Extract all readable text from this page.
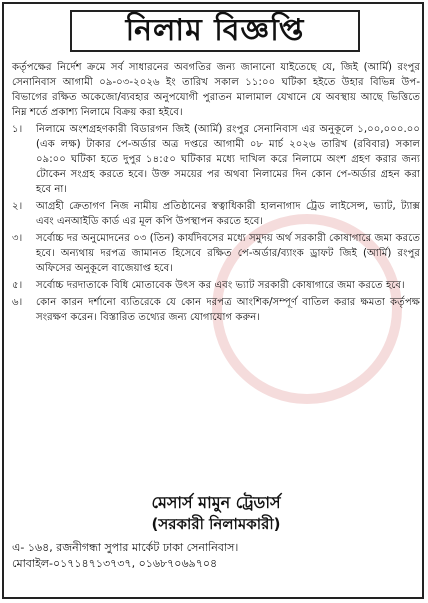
নিলাম বিজ্ঞপ্তি

কর্তৃপক্ষের নির্দেশ ক্রমে সর্ব সাধারনের অবগতির জন্য জানানো যাইতেছে যে, জিই (আর্মি) রংপুর সেনানিবাস আগামী ০৯-০৩-২০২৬ ইং তারিখ সকাল ১১:০০ ঘটিকা হইতে উহার বিভিন্ন উপ-বিভাগের রক্ষিত অকেজো/ব্যবহার অনুপযোগী পুরাতন মালামাল যেখানে যে অবস্থায় আছে ভিত্তিতে নিম্ন শর্তে প্রকাশ্য নিলামে বিক্রয় করা হইবে।

১।	নিলামে অংশগ্রহণকারী বিডারগন জিই (আর্মি) রংপুর সেনানিবাস এর অনুকূলে ১,০০,০০০.০০ (এক লক্ষ) টাকার পে-অর্ডার অত্র দপ্তরে আগামী ০৮ মার্চ ২০২৬ তারিখ (রবিবার) সকাল ০৯:০০ ঘটিকা হতে দুপুর ১৪:৫০ ঘটিকার মধ্যে দাখিল করে নিলামে অংশ গ্রহণ করার জন্য টোকেন সংগ্রহ করতে হবে। উক্ত সময়ের পর অথবা নিলামের দিন কোন পে-অর্ডার গ্রহন করা হবে না।
২।	আগ্রহী ক্রেতাগণ নিজ নামীয় প্রতিষ্ঠানের স্বত্বাধিকারী হালনাগাদ ট্রেড লাইসেন্স, ভ্যাট, ট্যাক্স এবং এনআইডি কার্ড এর মূল কপি উপস্থাপন করতে হবে।
৩।	সর্বোচ্চ দর অনুমোদনের ০৩ (তিন) কার্যদিবসের মধ্যে সমুদয় অর্থ সরকারী কোষাগারে জমা করতে হবে। অন্যথায় দরপত্র জামানত হিসেবে রক্ষিত পে-অর্ডার/ব্যাংক ড্রাফট জিই (আর্মি) রংপুর অফিসের অনুকূলে বাজেয়াপ্ত হবে।
৫।	সর্বোচ্চ দরদাতাকে বিধি মোতাবেক উৎস কর এবং ভ্যাট সরকারী কোষাগারে জমা করতে হবে।
৬।	কোন কারন দর্শানো ব্যতিরেকে যে কোন দরপত্র আংশিক/সম্পূর্ণ বাতিল করার ক্ষমতা কর্তৃপক্ষ সংরক্ষণ করেন। বিস্তারিত তথ্যের জন্য যোগাযোগ করুন।
মেসার্স মামুন ট্রেডার্স
(সরকারী নিলামকারী)
এ- ১৬৪, রজনীগন্ধা সুপার মার্কেট ঢাকা সেনানিবাস।
মোবাইল-০১৭১৪৭১৩৭৩৭, ০১৬৮৭০৬৯৭০৪
